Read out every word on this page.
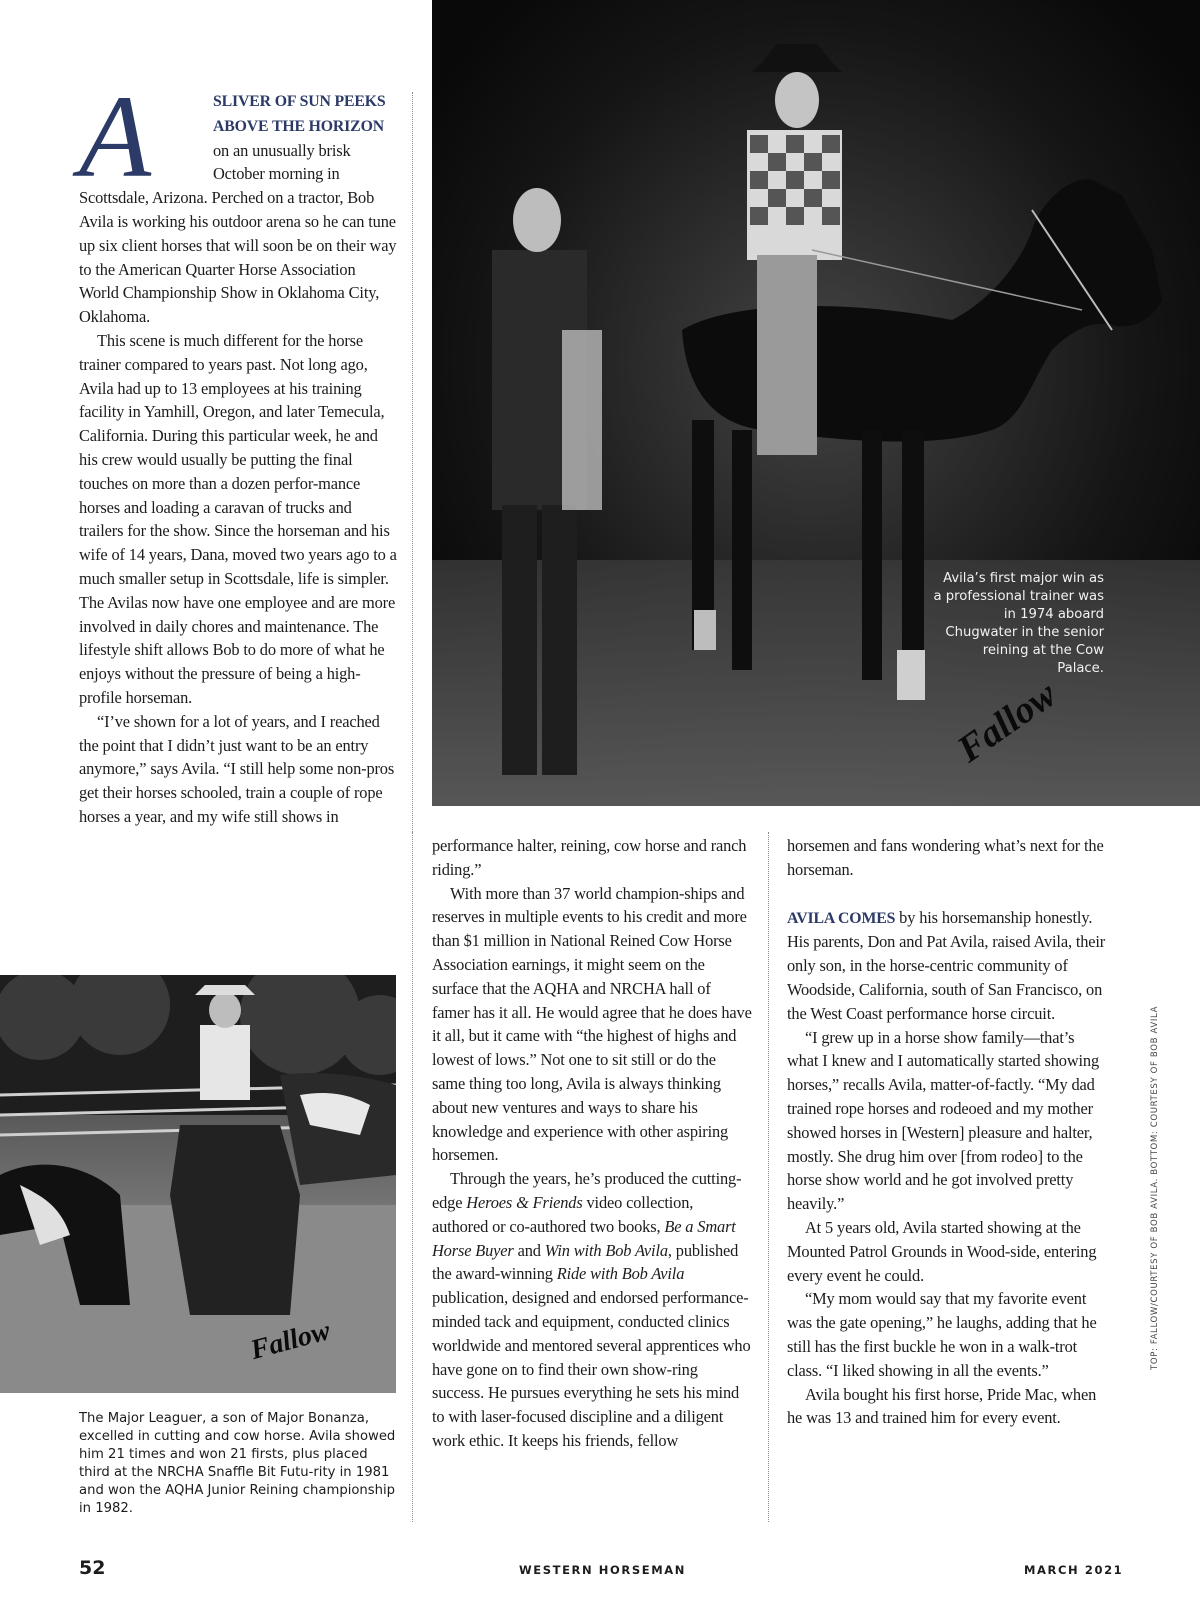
Avila’s first major win as a professional trainer was in 1974 aboard Chugwater in the senior reining at the Cow Palace.
Fallow
A	SLIVER OF SUN PEEKS ABOVE THE HORIZON on an unusually brisk October morning in Scottsdale, Arizona. Perched on a tractor, Bob Avila is working his outdoor arena so he can tune up six client horses that will soon be on their way to the American Quarter Horse Association World Championship Show in Oklahoma City, Oklahoma.

This scene is much different for the horse trainer compared to years past. Not long ago, Avila had up to 13 employees at his training facility in Yamhill, Oregon, and later Temecula, California. During this particular week, he and his crew would usually be putting the final touches on more than a dozen perfor-mance horses and loading a caravan of trucks and trailers for the show. Since the horseman and his wife of 14 years, Dana, moved two years ago to a much smaller setup in Scottsdale, life is simpler. The Avilas now have one employee and are more involved in daily chores and maintenance. The lifestyle shift allows Bob to do more of what he enjoys without the pressure of being a high-profile horseman.

“I’ve shown for a lot of years, and I reached the point that I didn’t just want to be an entry anymore,” says Avila. “I still help some non-pros get their horses schooled, train a couple of rope horses a year, and my wife still shows in

Fallow
The Major Leaguer, a son of Major Bonanza, excelled in cutting and cow horse. Avila showed him 21 times and won 21 firsts, plus placed third at the NRCHA Snaffle Bit Futu-rity in 1981 and won the AQHA Junior Reining championship in 1982.

performance halter, reining, cow horse and ranch riding.”

With more than 37 world champion-ships and reserves in multiple events to his credit and more than $1 million in National Reined Cow Horse Association earnings, it might seem on the surface that the AQHA and NRCHA hall of famer has it all. He would agree that he does have it all, but it came with “the highest of highs and lowest of lows.” Not one to sit still or do the same thing too long, Avila is always thinking about new ventures and ways to share his knowledge and experience with other aspiring horsemen.

Through the years, he’s produced the cutting-edge Heroes & Friends video collection, authored or co-authored two books, Be a Smart Horse Buyer and Win with Bob Avila, published the award-winning Ride with Bob Avila publication, designed and endorsed performance-minded tack and equipment, conducted clinics worldwide and mentored several apprentices who have gone on to find their own show-ring success. He pursues everything he sets his mind to with laser-focused discipline and a diligent work ethic. It keeps his friends, fellow

horsemen and fans wondering what’s next for the horseman.

AVILA COMES by his horsemanship honestly. His parents, Don and Pat Avila, raised Avila, their only son, in the horse-centric community of Woodside, California, south of San Francisco, on the West Coast performance horse circuit.

“I grew up in a horse show family—that’s what I knew and I automatically started showing horses,” recalls Avila, matter-of-factly. “My dad trained rope horses and rodeoed and my mother showed horses in [Western] pleasure and halter, mostly. She drug him over [from rodeo] to the horse show world and he got involved pretty heavily.”

At 5 years old, Avila started showing at the Mounted Patrol Grounds in Wood-side, entering every event he could.

“My mom would say that my favorite event was the gate opening,” he laughs, adding that he still has the first buckle he won in a walk-trot class. “I liked showing in all the events.”

Avila bought his first horse, Pride Mac, when he was 13 and trained him for every event.

TOP: FALLOW/COURTESY OF BOB AVILA. BOTTOM: COURTESY OF BOB AVILA
52	WESTERN HORSEMAN	MARCH 2021
